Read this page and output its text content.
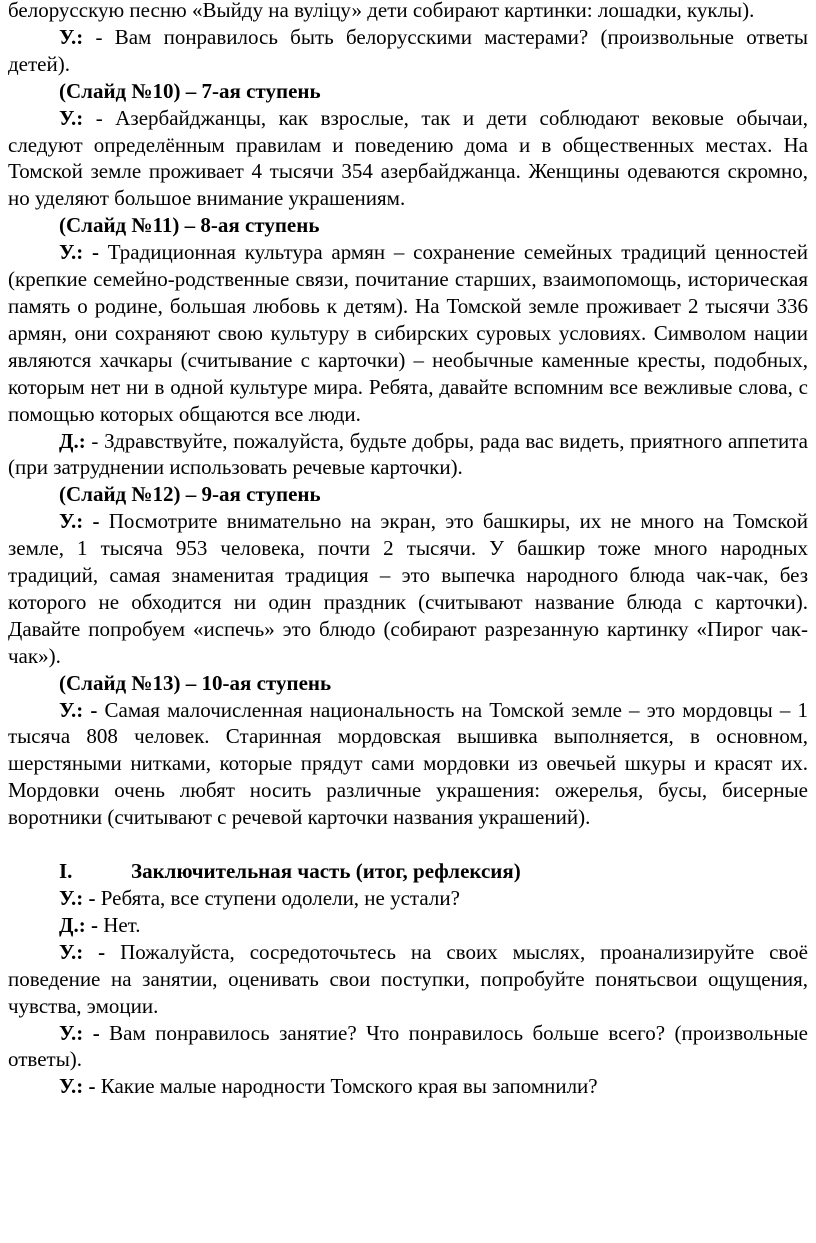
белорусскую песню «Выйду на вуліцу» дети собирают картинки: лошадки, куклы).

У.: - Вам понравилось быть белорусскими мастерами? (произвольные ответы детей).

(Слайд №10) – 7-ая ступень

У.: - Азербайджанцы, как взрослые, так и дети соблюдают вековые обычаи, следуют определённым правилам и поведению дома и в общественных местах. На Томской земле проживает 4 тысячи 354 азербайджанца. Женщины одеваются скромно, но уделяют большое внимание украшениям.

(Слайд №11) – 8-ая ступень

У.: - Традиционная культура армян – сохранение семейных традиций ценностей (крепкие семейно-родственные связи, почитание старших, взаимопомощь, историческая память о родине, большая любовь к детям). На Томской земле проживает 2 тысячи 336 армян, они сохраняют свою культуру в сибирских суровых условиях. Символом нации являются хачкары (считывание с карточки) – необычные каменные кресты, подобных, которым нет ни в одной культуре мира. Ребята, давайте вспомним все вежливые слова, с помощью которых общаются все люди.

Д.: - Здравствуйте, пожалуйста, будьте добры, рада вас видеть, приятного аппетита (при затруднении использовать речевые карточки).

(Слайд №12) – 9-ая ступень

У.: - Посмотрите внимательно на экран, это башкиры, их не много на Томской земле, 1 тысяча 953 человека, почти 2 тысячи. У башкир тоже много народных традиций, самая знаменитая традиция – это выпечка народного блюда чак-чак, без которого не обходится ни один праздник (считывают название блюда с карточки). Давайте попробуем «испечь» это блюдо (собирают разрезанную картинку «Пирог чак-чак»).

(Слайд №13) – 10-ая ступень

У.: - Самая малочисленная национальность на Томской земле – это мордовцы – 1 тысяча 808 человек. Старинная мордовская вышивка выполняется, в основном, шерстяными нитками, которые прядут сами мордовки из овечьей шкуры и красят их. Мордовки очень любят носить различные украшения: ожерелья, бусы, бисерные воротники (считывают с речевой карточки названия украшений).

I.	Заключительная часть (итог, рефлексия)

У.: - Ребята, все ступени одолели, не устали?

Д.: - Нет.

У.: - Пожалуйста, сосредоточьтесь на своих мыслях, проанализируйте своё поведение на занятии, оценивать свои поступки, попробуйте понятьсвои ощущения, чувства, эмоции.

У.: - Вам понравилось занятие? Что понравилось больше всего? (произвольные ответы).

У.: - Какие малые народности Томского края вы запомнили?
